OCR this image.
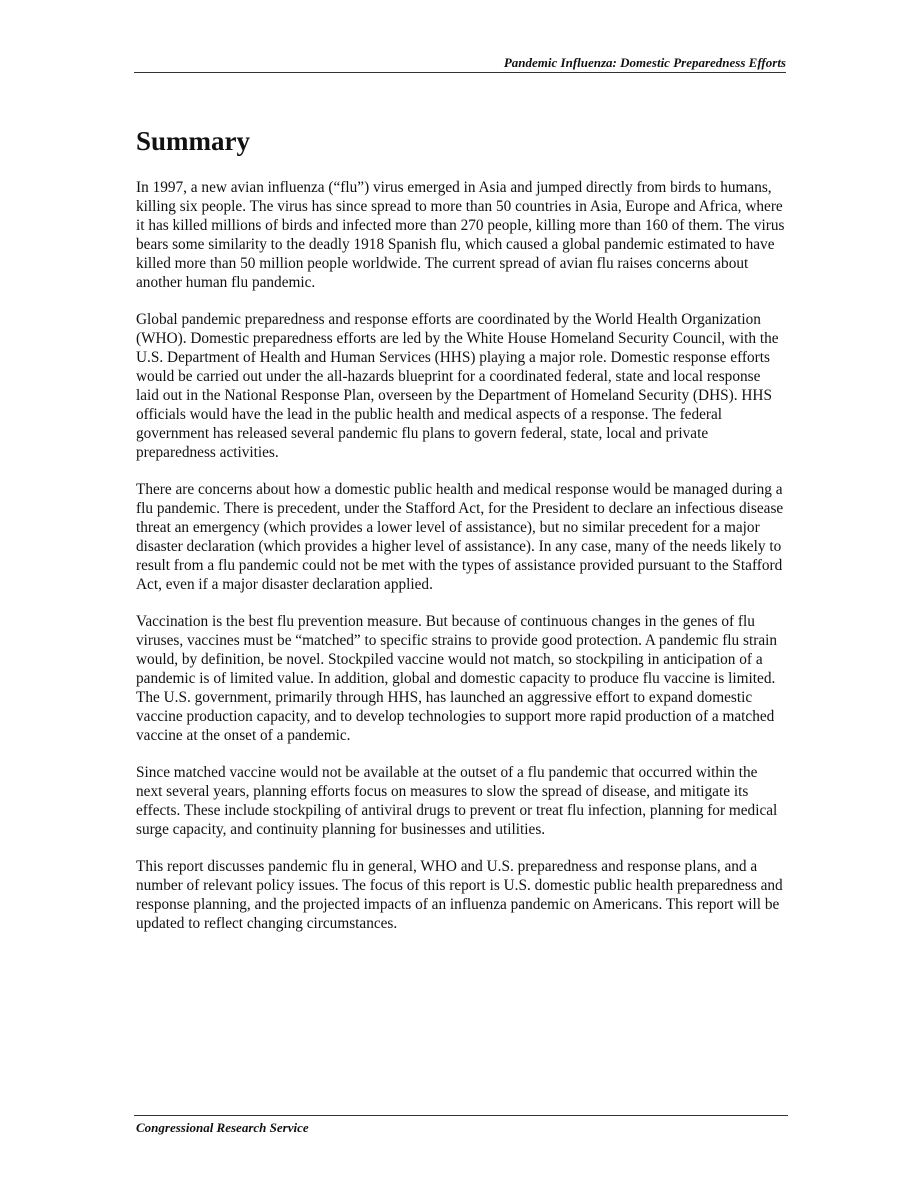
Pandemic Influenza: Domestic Preparedness Efforts
Summary

In 1997, a new avian influenza (“flu”) virus emerged in Asia and jumped directly from birds to humans, killing six people. The virus has since spread to more than 50 countries in Asia, Europe and Africa, where it has killed millions of birds and infected more than 270 people, killing more than 160 of them. The virus bears some similarity to the deadly 1918 Spanish flu, which caused a global pandemic estimated to have killed more than 50 million people worldwide. The current spread of avian flu raises concerns about another human flu pandemic.

Global pandemic preparedness and response efforts are coordinated by the World Health Organization (WHO). Domestic preparedness efforts are led by the White House Homeland Security Council, with the U.S. Department of Health and Human Services (HHS) playing a major role. Domestic response efforts would be carried out under the all-hazards blueprint for a coordinated federal, state and local response laid out in the National Response Plan, overseen by the Department of Homeland Security (DHS). HHS officials would have the lead in the public health and medical aspects of a response. The federal government has released several pandemic flu plans to govern federal, state, local and private preparedness activities.

There are concerns about how a domestic public health and medical response would be managed during a flu pandemic. There is precedent, under the Stafford Act, for the President to declare an infectious disease threat an emergency (which provides a lower level of assistance), but no similar precedent for a major disaster declaration (which provides a higher level of assistance). In any case, many of the needs likely to result from a flu pandemic could not be met with the types of assistance provided pursuant to the Stafford Act, even if a major disaster declaration applied.

Vaccination is the best flu prevention measure. But because of continuous changes in the genes of flu viruses, vaccines must be “matched” to specific strains to provide good protection. A pandemic flu strain would, by definition, be novel. Stockpiled vaccine would not match, so stockpiling in anticipation of a pandemic is of limited value. In addition, global and domestic capacity to produce flu vaccine is limited. The U.S. government, primarily through HHS, has launched an aggressive effort to expand domestic vaccine production capacity, and to develop technologies to support more rapid production of a matched vaccine at the onset of a pandemic.

Since matched vaccine would not be available at the outset of a flu pandemic that occurred within the next several years, planning efforts focus on measures to slow the spread of disease, and mitigate its effects. These include stockpiling of antiviral drugs to prevent or treat flu infection, planning for medical surge capacity, and continuity planning for businesses and utilities.

This report discusses pandemic flu in general, WHO and U.S. preparedness and response plans, and a number of relevant policy issues. The focus of this report is U.S. domestic public health preparedness and response planning, and the projected impacts of an influenza pandemic on Americans. This report will be updated to reflect changing circumstances.

Congressional Research Service
